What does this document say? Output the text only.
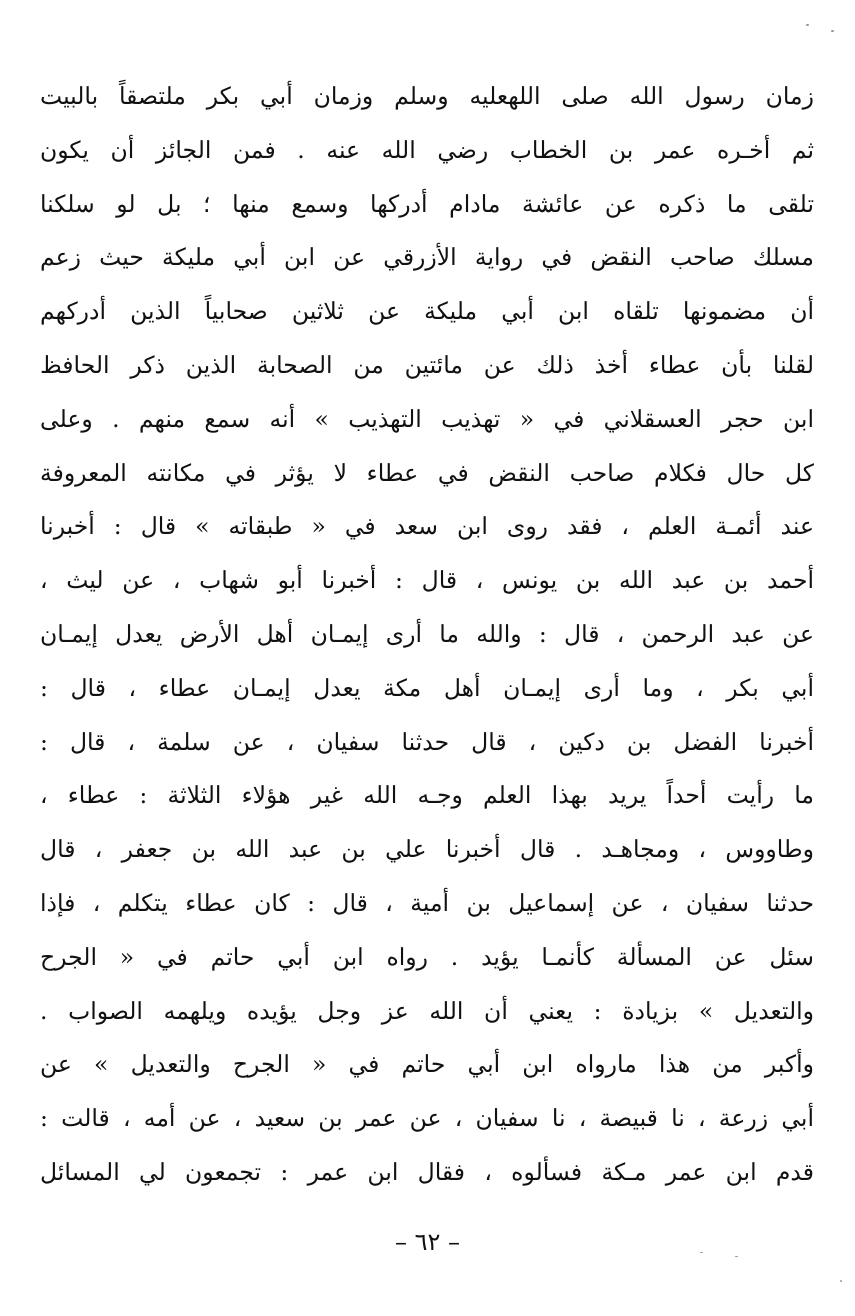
زمان رسول الله صلى اللهعليه وسلم وزمان أبي بكر ملتصقاً بالبيت
ثم أخـره عمر بن الخطاب رضي الله عنه . فمن الجائز أن يكون
تلقى ما ذكره عن عائشة مادام أدركها وسمع منها ؛ بل لو سلكنا
مسلك صاحب النقض في رواية الأزرقي عن ابن أبي مليكة حيث زعم
أن مضمونها تلقاه ابن أبي مليكة عن ثلاثين صحابياً الذين أدركهم
لقلنا بأن عطاء أخذ ذلك عن مائتين من الصحابة الذين ذكر الحافظ
ابن حجر العسقلاني في « تهذيب التهذيب » أنه سمع منهم . وعلى
كل حال فكلام صاحب النقض في عطاء لا يؤثر في مكانته المعروفة
عند أئمـة العلم ، فقد روى ابن سعد في « طبقاته » قال : أخبرنا
أحمد بن عبد الله بن يونس ، قال : أخبرنا أبو شهاب ، عن ليث ،
عن عبد الرحمن ، قال : والله ما أرى إيمـان أهل الأرض يعدل إيمـان
أبي بكر ، وما أرى إيمـان أهل مكة يعدل إيمـان عطاء ، قال :
أخبرنا الفضل بن دكين ، قال حدثنا سفيان ، عن سلمة ، قال :
ما رأيت أحداً يريد بهذا العلم وجـه الله غير هؤلاء الثلاثة : عطاء ،
وطاووس ، ومجاهـد . قال أخبرنا علي بن عبد الله بن جعفر ، قال
حدثنا سفيان ، عن إسماعيل بن أمية ، قال : كان عطاء يتكلم ، فإذا
سئل عن المسألة كأنمـا يؤيد . رواه ابن أبي حاتم في « الجرح
والتعديل » بزيادة : يعني أن الله عز وجل يؤيده ويلهمه الصواب .
وأكبر من هذا مارواه ابن أبي حاتم في « الجرح والتعديل » عن
أبي زرعة ، نا قبيصة ، نا سفيان ، عن عمر بن سعيد ، عن أمه ، قالت :
قدم ابن عمر مـكة فسألوه ، فقال ابن عمر : تجمعون لي المسائل
– ٦٢ –
